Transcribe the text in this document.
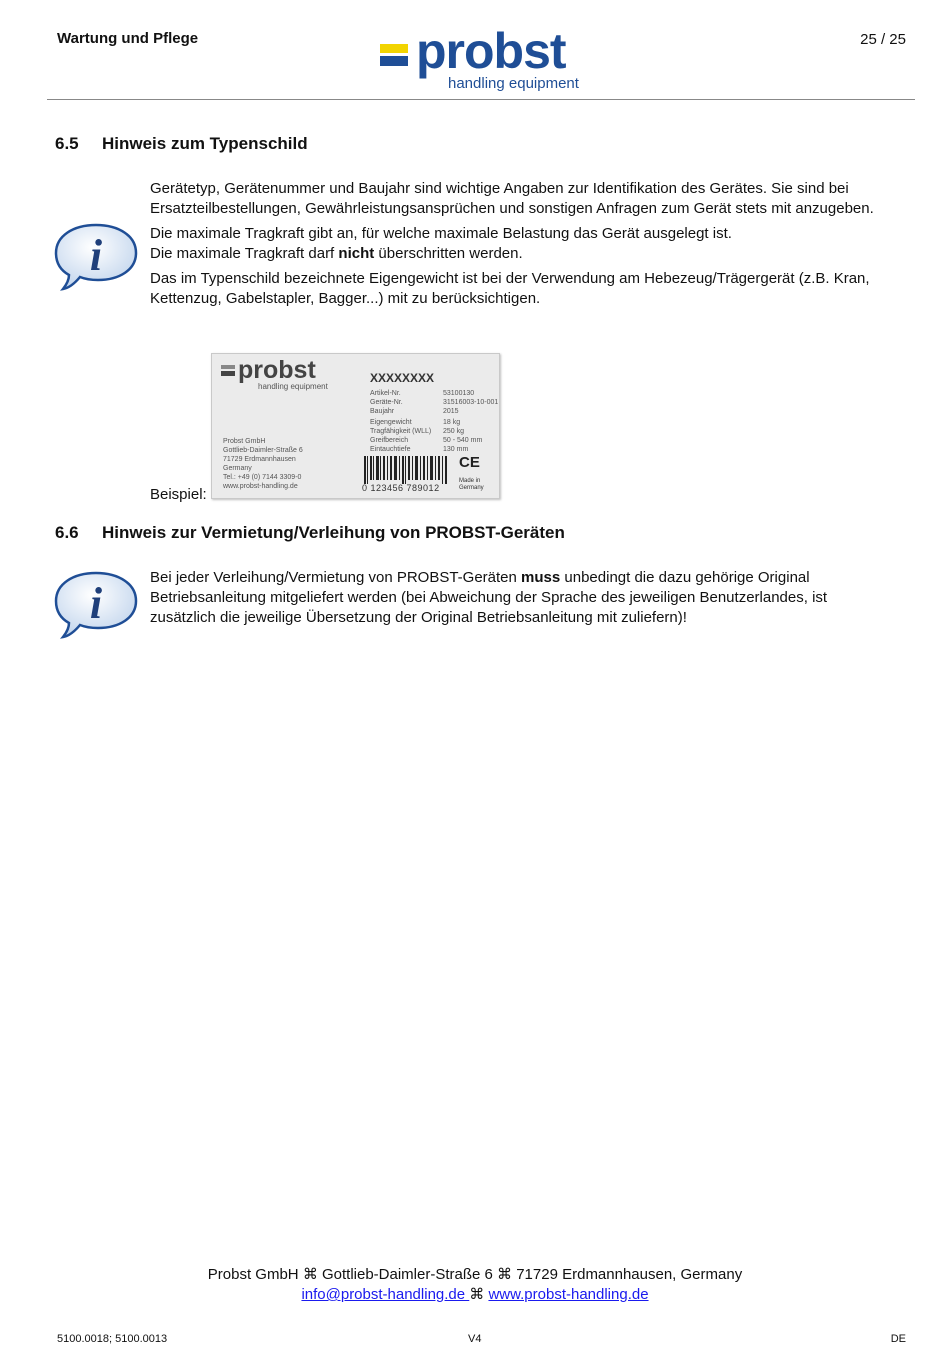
Wartung und Pflege	probst
handling equipment
25 / 25
6.5 Hinweis zum Typenschild
i

Gerätetyp, Gerätenummer und Baujahr sind wichtige Angaben zur Identifikation des Gerätes. Sie sind bei Ersatzteilbestellungen, Gewährleistungsansprüchen und sonstigen Anfragen zum Gerät stets mit anzugeben.

Die maximale Tragkraft gibt an, für welche maximale Belastung das Gerät ausgelegt ist.

Die maximale Tragkraft darf nicht überschritten werden.

Das im Typenschild bezeichnete Eigengewicht ist bei der Verwendung am Hebezeug/Trägergerät (z.B. Kran, Kettenzug, Gabelstapler, Bagger...) mit zu berücksichtigen.

Beispiel:
probst
handling equipment
XXXXXXXX
Artikel-Nr.	53100130
Geräte-Nr.	31516003-10-001
Baujahr	2015
Eigengewicht	18 kg
Tragfähigkeit (WLL)	250 kg
Greifbereich	50 - 540 mm
Eintauchtiefe	130 mm
Probst GmbH
Gottlieb-Daimler-Straße 6
71729 Erdmannhausen
Germany
Tel.: +49 (0) 7144 3309-0
www.probst-handling.de	0 123456 789012
CE
Made in
Germany
6.6 Hinweis zur Vermietung/Verleihung von PROBST-Geräten
i

Bei jeder Verleihung/Vermietung von PROBST-Geräten muss unbedingt die dazu gehörige Original Betriebsanleitung mitgeliefert werden (bei Abweichung der Sprache des jeweiligen Benutzerlandes, ist zusätzlich die jeweilige Übersetzung der Original Betriebsanleitung mit zuliefern)!

Probst GmbH ⌘ Gottlieb-Daimler-Straße 6 ⌘ 71729 Erdmannhausen, Germany
info@probst-handling.de ⌘ www.probst-handling.de
5100.0018; 5100.0013	V4	DE
